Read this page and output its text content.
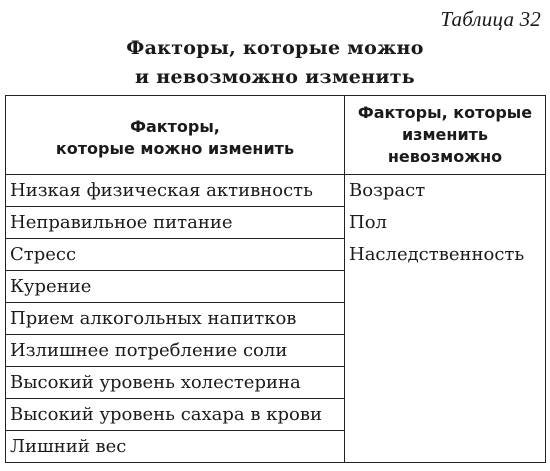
Таблица 32
Факторы, которые можно
и невозможно изменить
Факторы,
которые можно изменить	Факторы, которые
изменить
невозможно

Низкая физическая активность	Возраст
Неправильное питание	Пол
Стресс	Наследственность
Курение	
Прием алкогольных напитков	
Излишнее потребление соли	
Высокий уровень холестерина	
Высокий уровень сахара в крови	
Лишний вес	
